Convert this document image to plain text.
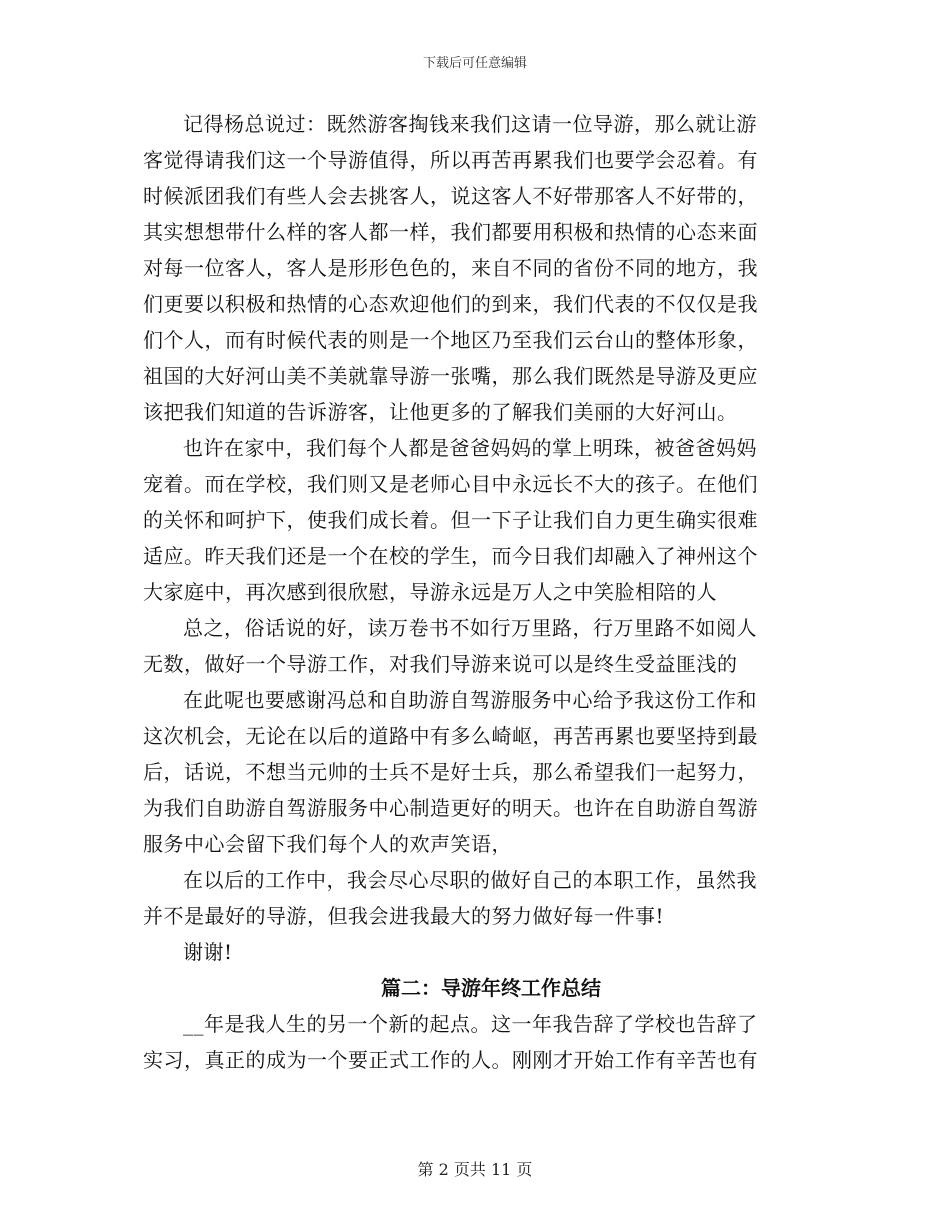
下载后可任意编辑

记得杨总说过：既然游客掏钱来我们这请一位导游，那么就让游
客觉得请我们这一个导游值得，所以再苦再累我们也要学会忍着。有
时候派团我们有些人会去挑客人，说这客人不好带那客人不好带的，
其实想想带什么样的客人都一样，我们都要用积极和热情的心态来面
对每一位客人，客人是形形色色的，来自不同的省份不同的地方，我
们更要以积极和热情的心态欢迎他们的到来，我们代表的不仅仅是我
们个人，而有时候代表的则是一个地区乃至我们云台山的整体形象，
祖国的大好河山美不美就靠导游一张嘴，那么我们既然是导游及更应
该把我们知道的告诉游客，让他更多的了解我们美丽的大好河山。

也许在家中，我们每个人都是爸爸妈妈的掌上明珠，被爸爸妈妈
宠着。而在学校，我们则又是老师心目中永远长不大的孩子。在他们
的关怀和呵护下，使我们成长着。但一下子让我们自力更生确实很难
适应。昨天我们还是一个在校的学生，而今日我们却融入了神州这个
大家庭中，再次感到很欣慰，导游永远是万人之中笑脸相陪的人

总之，俗话说的好，读万卷书不如行万里路，行万里路不如阅人
无数，做好一个导游工作，对我们导游来说可以是终生受益匪浅的

在此呢也要感谢冯总和自助游自驾游服务中心给予我这份工作和
这次机会，无论在以后的道路中有多么崎岖，再苦再累也要坚持到最
后，话说，不想当元帅的士兵不是好士兵，那么希望我们一起努力，
为我们自助游自驾游服务中心制造更好的明天。也许在自助游自驾游
服务中心会留下我们每个人的欢声笑语，

在以后的工作中，我会尽心尽职的做好自己的本职工作，虽然我
并不是最好的导游，但我会进我最大的努力做好每一件事!

谢谢!

篇二：导游年终工作总结

__年是我人生的另一个新的起点。这一年我告辞了学校也告辞了
实习，真正的成为一个要正式工作的人。刚刚才开始工作有辛苦也有

第 2 页共 11 页
